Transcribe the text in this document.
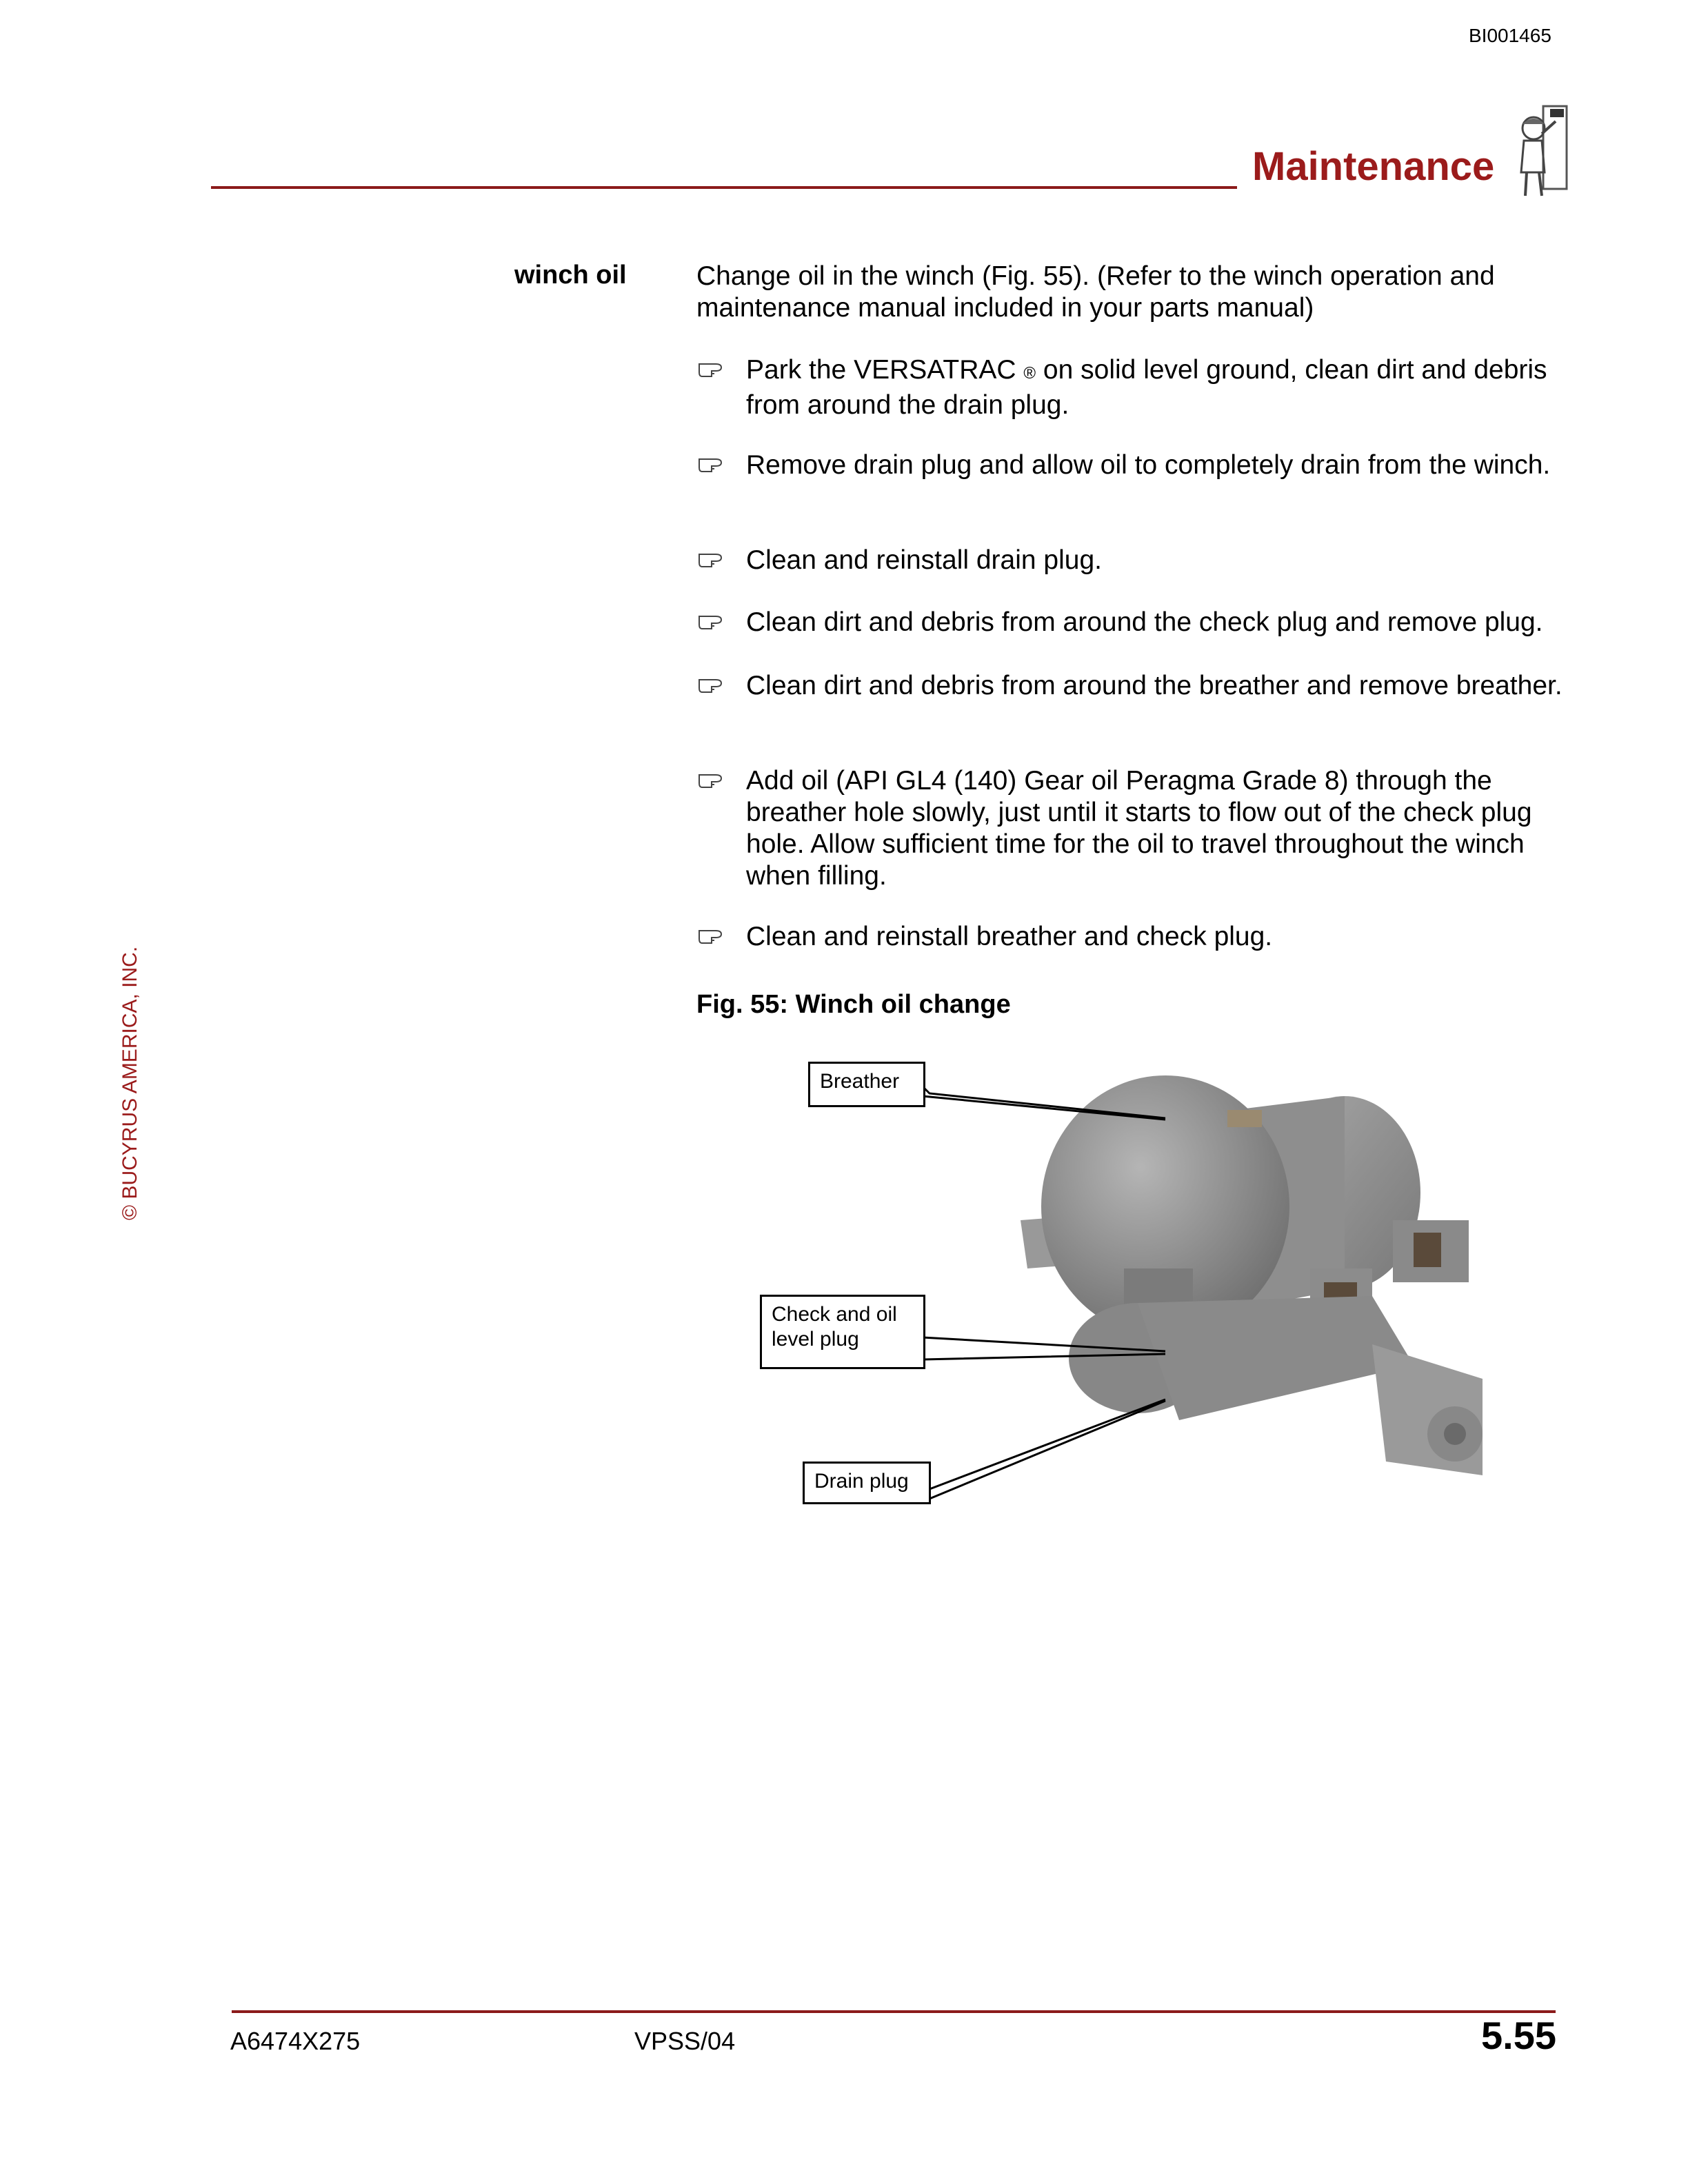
BI001465
Maintenance
© BUCYRUS AMERICA, INC.
winch oil	Change oil in the winch (Fig. 55). (Refer to the winch operation and maintenance manual included in your parts manual)
Park the VERSATRAC ® on solid level ground, clean dirt and debris from around the drain plug.
Remove drain plug and allow oil to completely drain from the winch.
Clean and reinstall drain plug.
Clean dirt and debris from around the check plug and remove plug.
Clean dirt and debris from around the breather and remove breather.
Add oil (API GL4 (140) Gear oil Peragma Grade 8) through the breather hole slowly, just until it starts to flow out of the check plug hole. Allow sufficient time for the oil to travel throughout the winch when filling.
Clean and reinstall breather and check plug.
Fig. 55: Winch oil change
Breather
Check and oil level plug
Drain plug
A6474X275	VPSS/04	5.55
